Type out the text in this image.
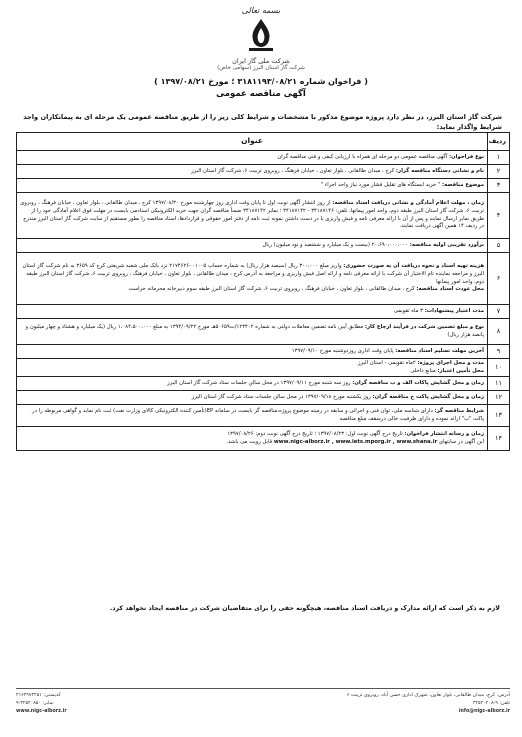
بسمه تعالی
شرکت ملی گاز ایران
شرکت گاز استان البرز (سهامی خاص)
( فراخوان شماره ۳۱۸۱۱۹۳/۰۸/۲۱ ؛ مورخ ۱۳۹۷/۰۸/۲۱ )
آگهی مناقصه عمومی
شرکت گاز استان البرز، در نظر دارد پروژه موضوع مذکور با مشخصات و شرایط کلی زیر را از طریق مناقصه عمومی یک مرحله ای به پیمانکاران واجد شرایط واگذار نماید:
ردیف	عنوان
۱	نوع فراخوان: آگهی مناقصه عمومی دو مرحله ای همراه با ارزیابی کیفی و فنی مناقصه گران
۲	نام و نشانی دستگاه مناقصه گزار: کرج ، میدان طالقانی ، بلوار تعاون ، خیابان فرهنگ ، روبروی تربیت ۶، شرکت گاز استان البرز
۳	موضوع مناقصه: " خرید ایستگاه های تقلیل فشار مورد نیاز واحد اجراء "
۴	زمان ، مهلت اعلام آمادگی و نشانی دریافت اسناد مناقصه: از روز انتشار آگهی نوبت اول تا پایان وقت اداری روز چهارشنبه مورخ ۱۳۹۷/۰۸/۳۰ کرج ، میدان طالقانی ، بلوار تعاون ، خیابان فرهنگ ، روبروی تربیت ۶، شرکت گاز استان البرز طبقه دوم، واحد امور پیمانها، تلفن: ۳۴۱۸۷۱۴۶ - ۳۴۱۸۷۱۴۲ ؛ نمابر ۳۴۱۸۷۱۴۲ ضمناً مناقصه گران جهت خرید الکترونیکی اسنادمی بایست در مهلت فوق اعلام آمادگی خود را از طریق نمابر ارسال نمایند و پس از آن با ارائه معرفی نامه و فیش واریزی با در دست داشتن نمونه ثبت نامه از دفتر امور حقوقی و قراردادها، اسناد مناقصه را بطور مستقیم از سایت شرکت گاز استان البرز مندرج در ردیف ۱۴ همین آگهی دریافت نمایند.
۵	برآورد تقریبی اولیه مناقصه: ۲۰،۶۹۰،۰۰۰،۰۰۰ (بیست و یک میلیارد و ششصد و نود میلیون) ریال
۶	هزینه تهیه اسناد و نحوه دریافت آن به صورت حضوری: واریز مبلغ ۳۰۰،۰۰۰ ریال (سیصد هزار ریال) به شماره حساب ۲۱۷۴۶۲۶۰۰۱۰۰۵ نزد بانک ملی شعبه شریعتی کرج کد ۳۶۵۹ به نام شرکت گاز استان البرز و مراجعه نماینده تام الاختیار آن شرکت با ارائه معرفی نامه و ارائه اصل فیش واریزی و مراجعه به آدرس کرج ، میدان طالقانی ، بلوار تعاون ، خیابان فرهنگ ، روبروی تربیت ۶، شرکت گاز استان البرز طبقه دوم، واحد امور پیمانها
محل عودت اسناد مناقصه: کرج ، میدان طالقانی ، بلوار تعاون ، خیابان فرهنگ ، روبروی تربیت ۶، شرکت گاز استان البرز طبقه سوم دبیرخانه محرمانه حراست
۷	مدت اعتبار پیشنهادات: ۳ ماه تقویمی
۸	نوع و مبلغ تضمین شرکت در فرآیند ارجاع کار: مطابق آیین نامه تضمین معاملات دولتی به شماره ۱۲۳۴۰۲/ت۵۰۶۵۹هـ مورخ ۱۳۹۴/۰۹/۲۲ به مبلغ ۱،۰۸۴،۵۰۰،۰۰۰ ریال (یک میلیارد و هشتاد و چهار میلیون و پانصد هزار ریال)
۹	آخرین مهلت تسلیم اسناد مناقصه: پایان وقت اداری روزدوشنبه مورخ ۱۳۹۷/۰۹/۱۰
۱۰	مدت و محل اجرای پروژه: ۲ماه تقویمی - استان البرز
محل تأمین اعتبار: منابع داخلی
۱۱	زمان و محل گشایش پاکات الف و ب مناقصه گران: روز سه شنبه مورخ ۱۳۹۷/۰۹/۱۱ در محل سالن جلسات ستاد شرکت گاز استان البرز
۱۲	زمان و محل گشایش پاکت ج مناقصه گران: روز یکشنبه مورخ ۱۳۹۷/۰۹/۱۸ در محل سالن جلسات ستاد شرکت گاز استان البرز
۱۳	شرایط مناقصه گر: دارای شناسه ملی، توان فنی و اجرائی و سابقه در زمینه موضوع پروژه،مناقصه گر بایست در سامانه EP(تأمین کننده الکترونیکی کالای وزارت نفت) ثبت نام نماید و گواهی مربوطه را در پاکت "ب" ارائه نموده و دارای ظرفیت خالی درسقف مبلغ مناقصه
۱۴	زمان و رسانه انتشار فراخوان: تاریخ درج آگهی نوبت اول: ۱۳۹۷/۰۸/۲۳ ؛ تاریخ درج آگهی نوبت دوم: ۱۳۹۷/۰۸/۲۶
این آگهی در سایتهای www.nigc-alborz.ir , www.iets.mporg.ir , www.shana.ir قابل رویت می باشد.
لازم به ذکر است که ارائه مدارک و دریافت اسناد مناقصه، هیچگونه حقی را برای متقاضیان شرکت در مناقصه ایجاد نخواهد کرد.
آدرس: کرج، میدان طالقانی، بلوار تعاون، شهرک اداری حسن آباد، روبروی تربیت ۶
کدپستی: ۳۱۶۴۹۷۳۴۵۱
تلفن: ۹-۳۲۵۲۰۲۰۸
نمابر: ۳۲۵۲۰۸۵۰-۹
info@nigc-alborz.ir
www.nigc-alborz.ir
